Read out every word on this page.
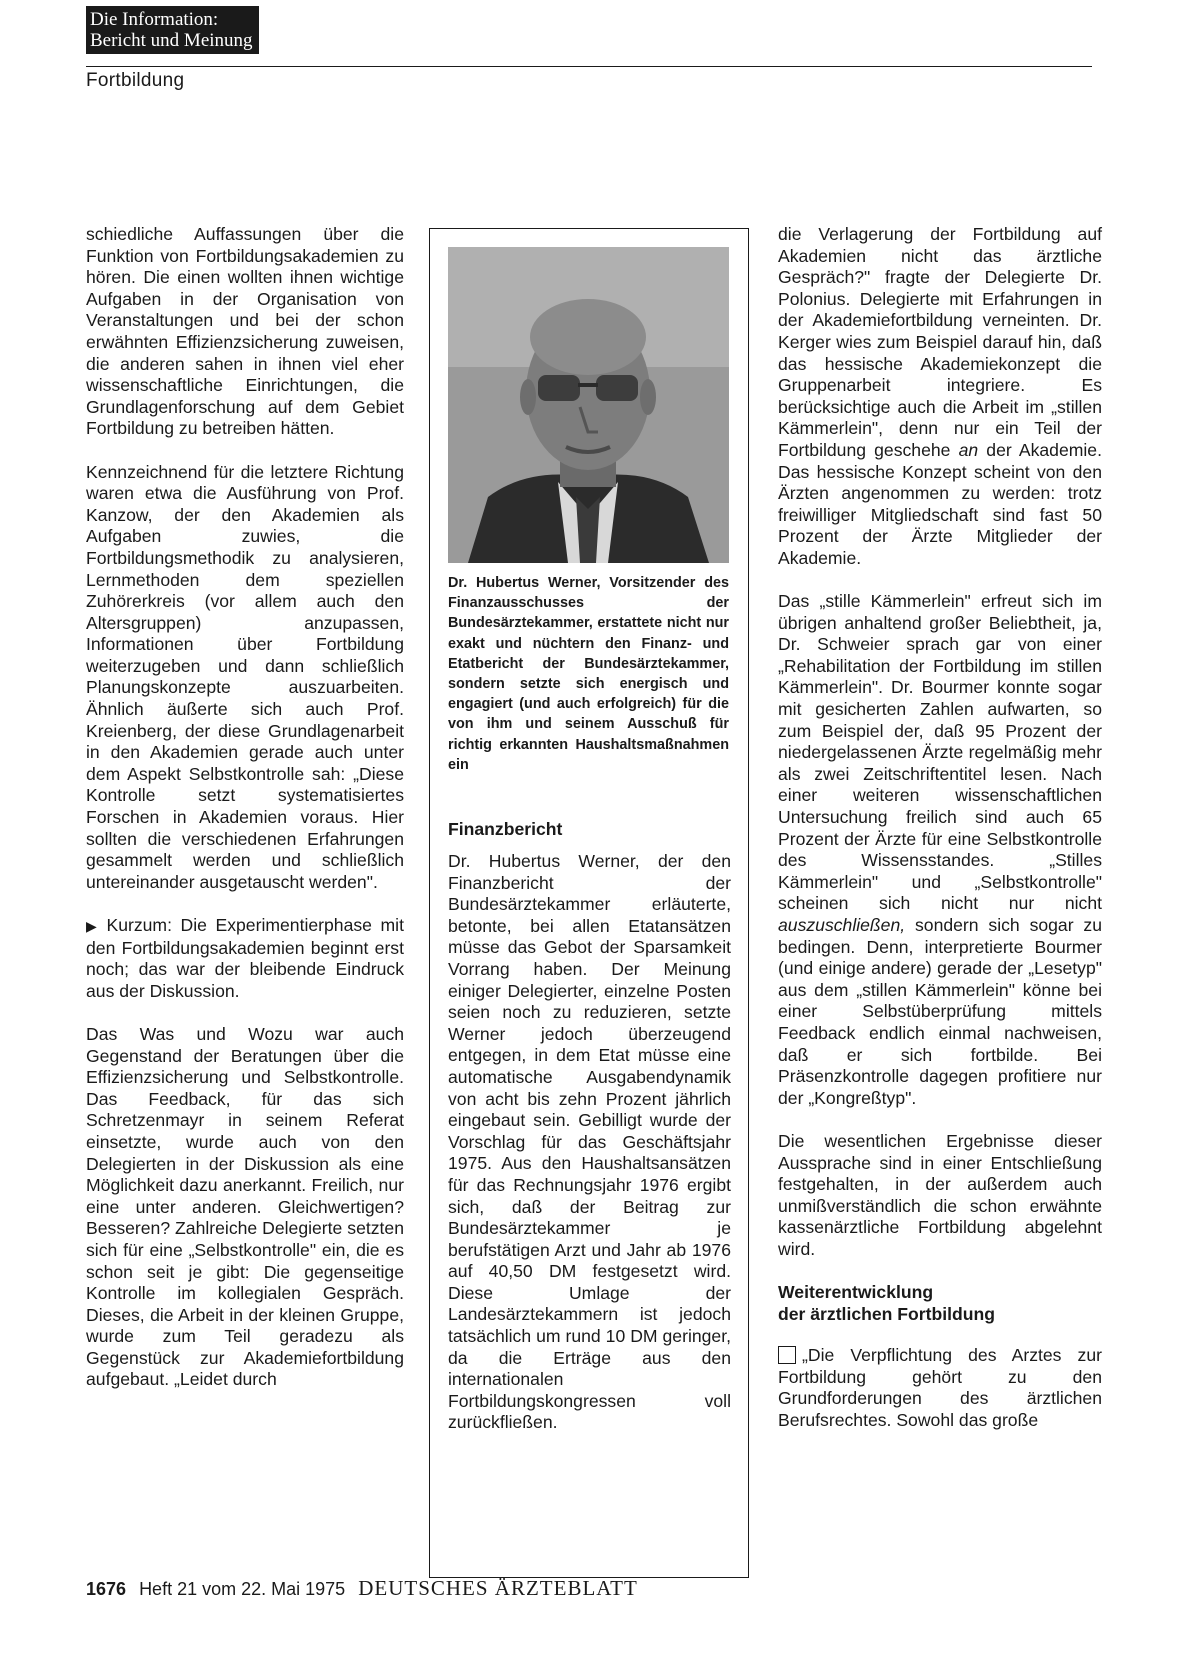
Die Information:
Bericht und Meinung
Fortbildung

schiedliche Auffassungen über die Funktion von Fortbildungsakademien zu hören. Die einen wollten ihnen wichtige Aufgaben in der Organisation von Veranstaltungen und bei der schon erwähnten Effizienzsicherung zuweisen, die anderen sahen in ihnen viel eher wissenschaftliche Einrichtungen, die Grundlagenforschung auf dem Gebiet Fortbildung zu betreiben hätten.

Kennzeichnend für die letztere Richtung waren etwa die Ausführung von Prof. Kanzow, der den Akademien als Aufgaben zuwies, die Fortbildungsmethodik zu analysieren, Lernmethoden dem speziellen Zuhörerkreis (vor allem auch den Altersgruppen) anzupassen, Informationen über Fortbildung weiterzugeben und dann schließlich Planungskonzepte auszuarbeiten. Ähnlich äußerte sich auch Prof. Kreienberg, der diese Grundlagenarbeit in den Akademien gerade auch unter dem Aspekt Selbstkontrolle sah: „Diese Kontrolle setzt systematisiertes Forschen in Akademien voraus. Hier sollten die verschiedenen Erfahrungen gesammelt werden und schließlich untereinander ausgetauscht werden".

▶ Kurzum: Die Experimentierphase mit den Fortbildungsakademien beginnt erst noch; das war der bleibende Eindruck aus der Diskussion.

Das Was und Wozu war auch Gegenstand der Beratungen über die Effizienzsicherung und Selbstkontrolle. Das Feedback, für das sich Schretzenmayr in seinem Referat einsetzte, wurde auch von den Delegierten in der Diskussion als eine Möglichkeit dazu anerkannt. Freilich, nur eine unter anderen. Gleichwertigen? Besseren? Zahlreiche Delegierte setzten sich für eine „Selbstkontrolle" ein, die es schon seit je gibt: Die gegenseitige Kontrolle im kollegialen Gespräch. Dieses, die Arbeit in der kleinen Gruppe, wurde zum Teil geradezu als Gegenstück zur Akademiefortbildung aufgebaut. „Leidet durch

Dr. Hubertus Werner, Vorsitzender des Finanzausschusses der Bundesärztekammer, erstattete nicht nur exakt und nüchtern den Finanz- und Etatbericht der Bundesärztekammer, sondern setzte sich energisch und engagiert (und auch erfolgreich) für die von ihm und seinem Ausschuß für richtig erkannten Haushaltsmaßnahmen ein
Finanzbericht
Dr. Hubertus Werner, der den Finanzbericht der Bundesärztekammer erläuterte, betonte, bei allen Etatansätzen müsse das Gebot der Sparsamkeit Vorrang haben. Der Meinung einiger Delegierter, einzelne Posten seien noch zu reduzieren, setzte Werner jedoch überzeugend entgegen, in dem Etat müsse eine automatische Ausgabendynamik von acht bis zehn Prozent jährlich eingebaut sein. Gebilligt wurde der Vorschlag für das Geschäftsjahr 1975. Aus den Haushaltsansätzen für das Rechnungsjahr 1976 ergibt sich, daß der Beitrag zur Bundesärztekammer je berufstätigen Arzt und Jahr ab 1976 auf 40,50 DM festgesetzt wird. Diese Umlage der Landesärztekammern ist jedoch tatsächlich um rund 10 DM geringer, da die Erträge aus den internationalen Fortbildungskongressen voll zurückfließen.

die Verlagerung der Fortbildung auf Akademien nicht das ärztliche Gespräch?" fragte der Delegierte Dr. Polonius. Delegierte mit Erfahrungen in der Akademiefortbildung verneinten. Dr. Kerger wies zum Beispiel darauf hin, daß das hessische Akademiekonzept die Gruppenarbeit integriere. Es berücksichtige auch die Arbeit im „stillen Kämmerlein", denn nur ein Teil der Fortbildung geschehe an der Akademie. Das hessische Konzept scheint von den Ärzten angenommen zu werden: trotz freiwilliger Mitgliedschaft sind fast 50 Prozent der Ärzte Mitglieder der Akademie.

Das „stille Kämmerlein" erfreut sich im übrigen anhaltend großer Beliebtheit, ja, Dr. Schweier sprach gar von einer „Rehabilitation der Fortbildung im stillen Kämmerlein". Dr. Bourmer konnte sogar mit gesicherten Zahlen aufwarten, so zum Beispiel der, daß 95 Prozent der niedergelassenen Ärzte regelmäßig mehr als zwei Zeitschriftentitel lesen. Nach einer weiteren wissenschaftlichen Untersuchung freilich sind auch 65 Prozent der Ärzte für eine Selbstkontrolle des Wissensstandes. „Stilles Kämmerlein" und „Selbstkontrolle" scheinen sich nicht nur nicht auszuschließen, sondern sich sogar zu bedingen. Denn, interpretierte Bourmer (und einige andere) gerade der „Lesetyp" aus dem „stillen Kämmerlein" könne bei einer Selbstüberprüfung mittels Feedback endlich einmal nachweisen, daß er sich fortbilde. Bei Präsenzkontrolle dagegen profitiere nur der „Kongreßtyp".

Die wesentlichen Ergebnisse dieser Aussprache sind in einer Entschließung festgehalten, in der außerdem auch unmißverständlich die schon erwähnte kassenärztliche Fortbildung abgelehnt wird.

Weiterentwicklung
der ärztlichen Fortbildung

„Die Verpflichtung des Arztes zur Fortbildung gehört zu den Grundforderungen des ärztlichen Berufsrechtes. Sowohl das große

1676 Heft 21 vom 22. Mai 1975 DEUTSCHES ÄRZTEBLATT
